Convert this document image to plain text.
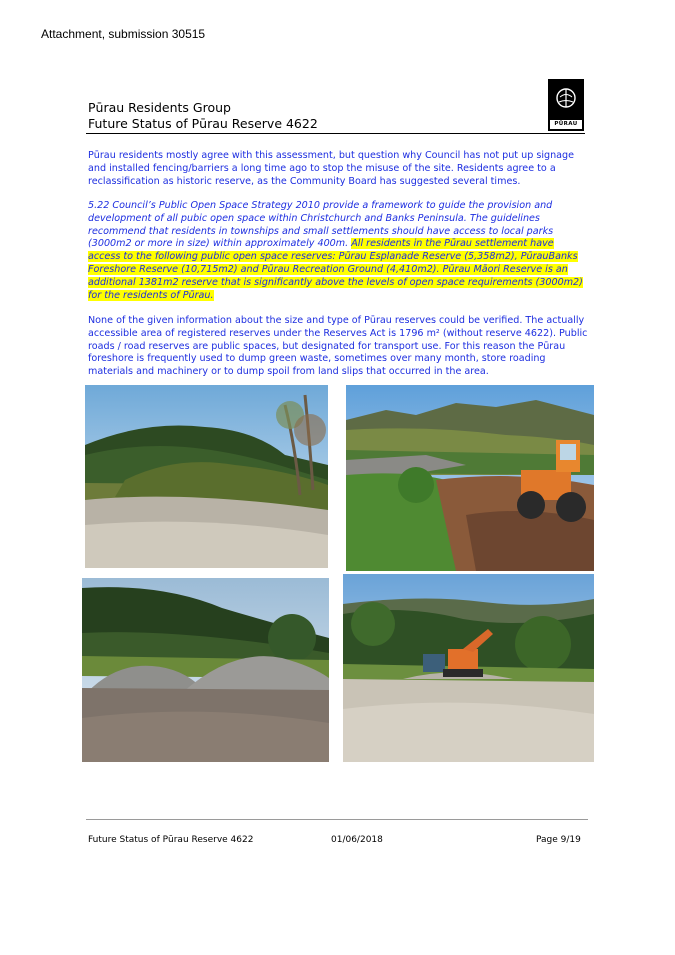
Attachment, submission 30515
Pūrau Residents Group
Future Status of Pūrau Reserve 4622	PŪRAU
Pūrau residents mostly agree with this assessment, but question why Council has not put up signage and installed fencing/barriers a long time ago to stop the misuse of the site. Residents agree to a reclassification as historic reserve, as the Community Board has suggested several times.
5.22 Council’s Public Open Space Strategy 2010 provide a framework to guide the provision and development of all pubic open space within Christchurch and Banks Peninsula. The guidelines recommend that residents in townships and small settlements should have access to local parks (3000m2 or more in size) within approximately 400m. All residents in the Pūrau settlement have access to the following public open space reserves: Pūrau Esplanade Reserve (5,358m2), PūrauBanks Foreshore Reserve (10,715m2) and Pūrau Recreation Ground (4,410m2). Pūrau Māori Reserve is an additional 1381m2 reserve that is significantly above the levels of open space requirements (3000m2) for the residents of Pūrau.
None of the given information about the size and type of Pūrau reserves could be verified. The actually accessible area of registered reserves under the Reserves Act is 1796 m² (without reserve 4622). Public roads / road reserves are public spaces, but designated for transport use. For this reason the Pūrau foreshore is frequently used to dump green waste, sometimes over many month, store roading materials and machinery or to dump spoil from land slips that occurred in the area.
Future Status of Pūrau Reserve 4622	01/06/2018	Page 9/19
